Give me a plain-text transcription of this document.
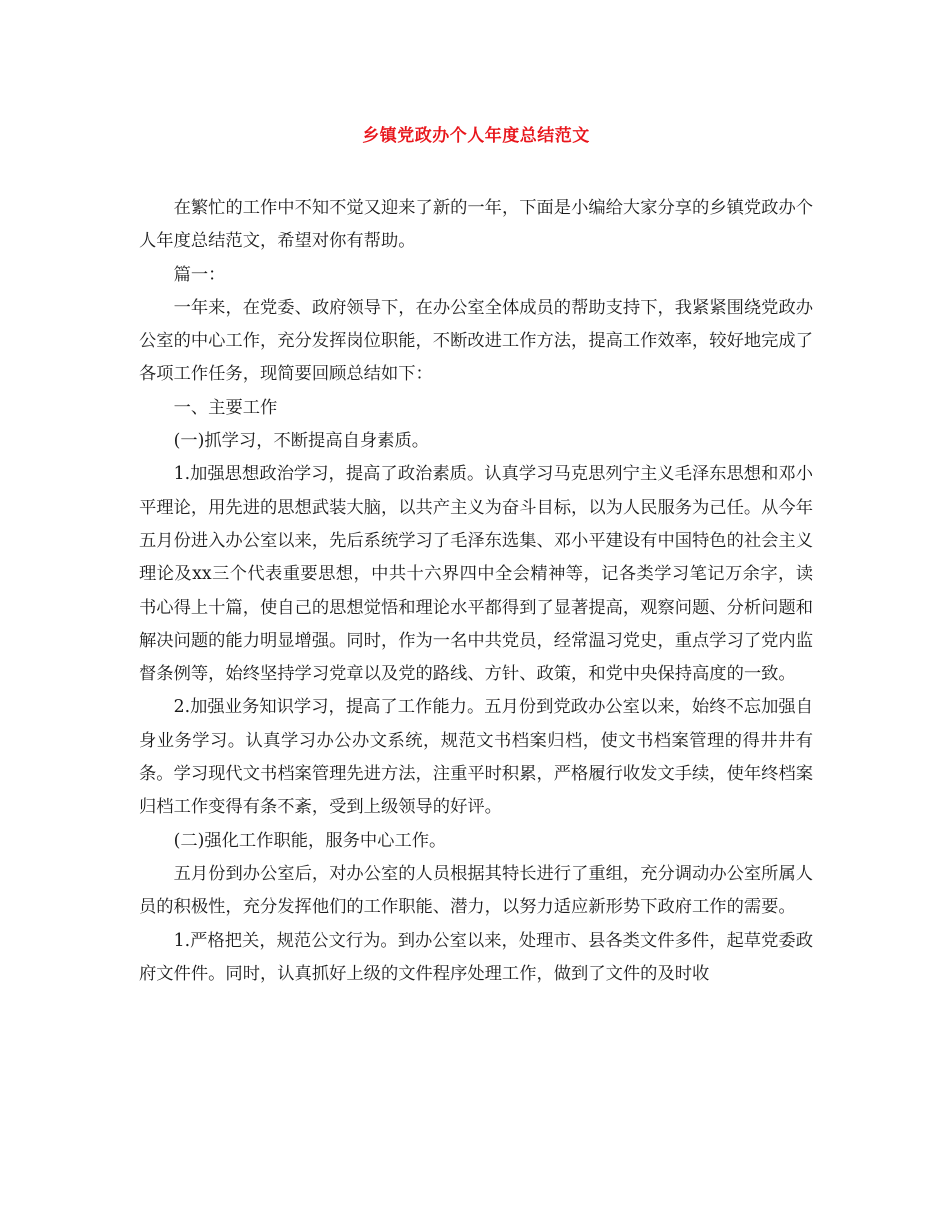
乡镇党政办个人年度总结范文

在繁忙的工作中不知不觉又迎来了新的一年，下面是小编给大家分享的乡镇党政办个人年度总结范文，希望对你有帮助。

篇一：

一年来，在党委、政府领导下，在办公室全体成员的帮助支持下，我紧紧围绕党政办公室的中心工作，充分发挥岗位职能，不断改进工作方法，提高工作效率，较好地完成了各项工作任务，现简要回顾总结如下：

一、主要工作

(一)抓学习，不断提高自身素质。

1.加强思想政治学习，提高了政治素质。认真学习马克思列宁主义毛泽东思想和邓小平理论，用先进的思想武装大脑，以共产主义为奋斗目标，以为人民服务为己任。从今年五月份进入办公室以来，先后系统学习了毛泽东选集、邓小平建设有中国特色的社会主义理论及xx三个代表重要思想，中共十六界四中全会精神等，记各类学习笔记万余字，读书心得上十篇，使自己的思想觉悟和理论水平都得到了显著提高，观察问题、分析问题和解决问题的能力明显增强。同时，作为一名中共党员，经常温习党史，重点学习了党内监督条例等，始终坚持学习党章以及党的路线、方针、政策，和党中央保持高度的一致。

2.加强业务知识学习，提高了工作能力。五月份到党政办公室以来，始终不忘加强自身业务学习。认真学习办公办文系统，规范文书档案归档，使文书档案管理的得井井有条。学习现代文书档案管理先进方法，注重平时积累，严格履行收发文手续，使年终档案归档工作变得有条不紊，受到上级领导的好评。

(二)强化工作职能，服务中心工作。

五月份到办公室后，对办公室的人员根据其特长进行了重组，充分调动办公室所属人员的积极性，充分发挥他们的工作职能、潜力，以努力适应新形势下政府工作的需要。

1.严格把关，规范公文行为。到办公室以来，处理市、县各类文件多件，起草党委政府文件件。同时，认真抓好上级的文件程序处理工作，做到了文件的及时收
